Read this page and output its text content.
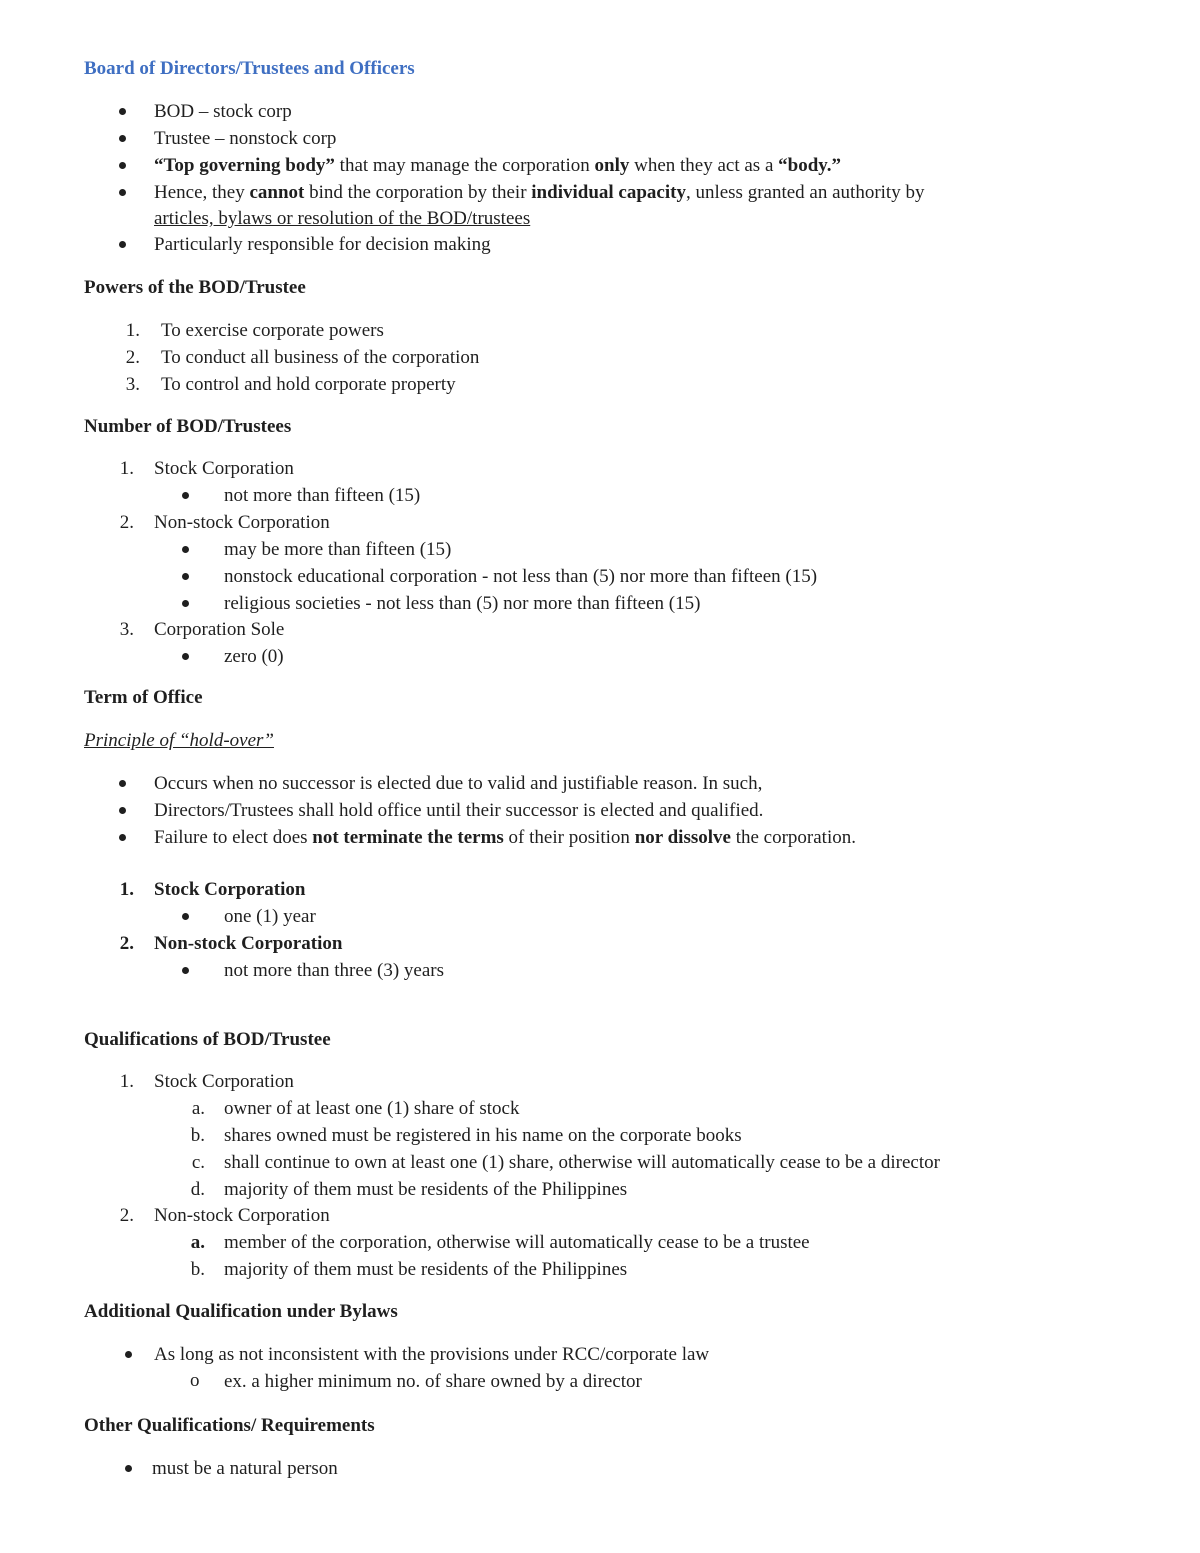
Board of Directors/Trustees and Officers
BOD – stock corp
Trustee – nonstock corp
“Top governing body” that may manage the corporation only when they act as a “body.”
Hence, they cannot bind the corporation by their individual capacity, unless granted an authority by
articles, bylaws or resolution of the BOD/trustees
Particularly responsible for decision making
Powers of the BOD/Trustee
1. To exercise corporate powers
2. To conduct all business of the corporation
3. To control and hold corporate property
Number of BOD/Trustees
1. Stock Corporation
not more than fifteen (15)
2. Non-stock Corporation
may be more than fifteen (15)
nonstock educational corporation - not less than (5) nor more than fifteen (15)
religious societies - not less than (5) nor more than fifteen (15)
3. Corporation Sole
zero (0)
Term of Office
Principle of “hold-over”
Occurs when no successor is elected due to valid and justifiable reason. In such,
Directors/Trustees shall hold office until their successor is elected and qualified.
Failure to elect does not terminate the terms of their position nor dissolve the corporation.
1. Stock Corporation
one (1) year
2. Non-stock Corporation
not more than three (3) years
Qualifications of BOD/Trustee
1. Stock Corporation
a. owner of at least one (1) share of stock
b. shares owned must be registered in his name on the corporate books
c. shall continue to own at least one (1) share, otherwise will automatically cease to be a director
d. majority of them must be residents of the Philippines
2. Non-stock Corporation
a. member of the corporation, otherwise will automatically cease to be a trustee
b. majority of them must be residents of the Philippines
Additional Qualification under Bylaws
As long as not inconsistent with the provisions under RCC/corporate law
o ex. a higher minimum no. of share owned by a director
Other Qualifications/ Requirements
must be a natural person
